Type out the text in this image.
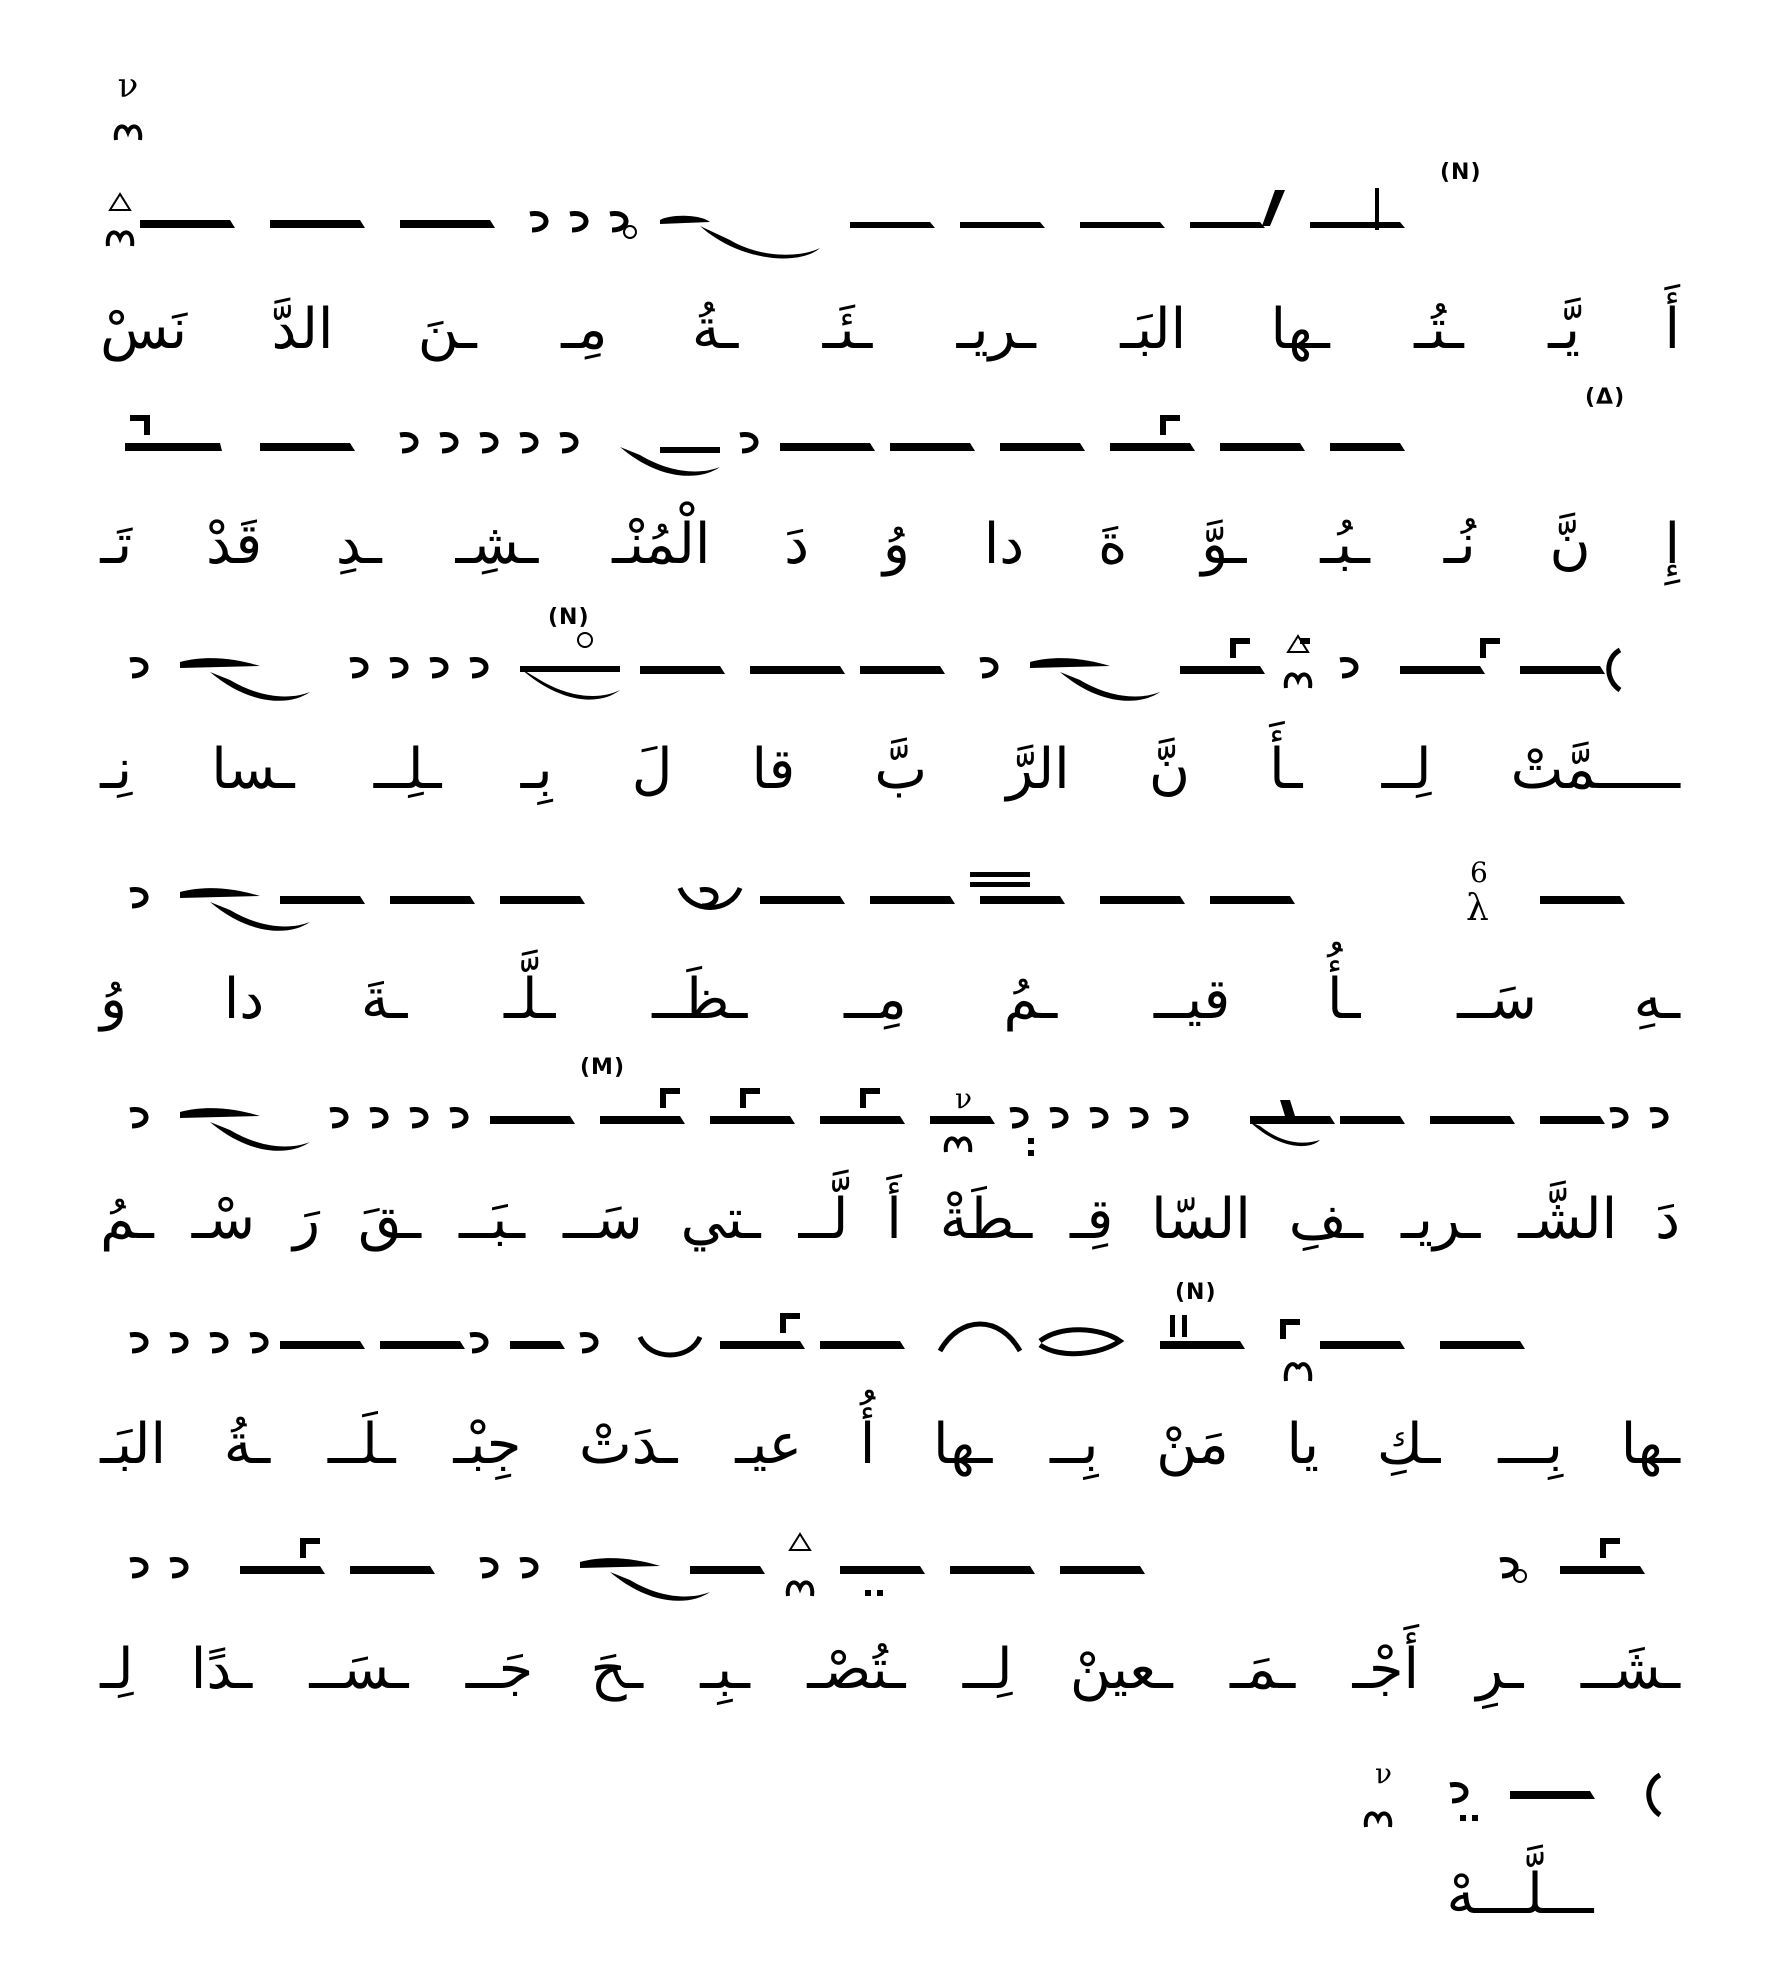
ν
(N)
أَ
يَّـ
ـتُـ
ـها
البَـ
ـريـ
ـئَـ
ـةُ
مِـ
ـنَ
الدَّ
نَسْ
(Δ)
إِ
نَّ
نُـ
ـبُـ
ـوَّ
ةَ
دا
وُ
دَ
الْمُنْـ
ـشِـ
ـدِ
قَدْ
تَـ
(N)
ـــــمَّتْ
لِــ
ـأَ
نَّ
الرَّ
بَّ
قا
لَ
بِـ
ـلِــ
ـسا
نِـ
6
λ
ـهِ
سَــ
ـأُ
قيــ
ـمُ
مِــ
ـظَــ
ـلَّـ
ـةَ
دا
وُ
(M)
ν
دَ
الشَّـ
ـريـ
ـفِ
السّا
قِـ
ـطَةْ
أَ
لَّــ
ـتي
سَــ
ـبَــ
ـقَ
رَ
سْـ
ـمُ
(N)
ـها
بِـــ
ـكِ
يا
مَنْ
بِــ
ـها
أُ
عيـ
ـدَتْ
جِبْـ
ـلَــ
ـةُ
البَـ
ـشَــ
ـرِ
أَجْـ
ـمَـ
ـعينْ
لِــ
ـتُصْـ
ـبِـ
ـحَ
جَــ
ـسَــ
ـدًا
لِـ
ν
ـــلَّـــهْ
